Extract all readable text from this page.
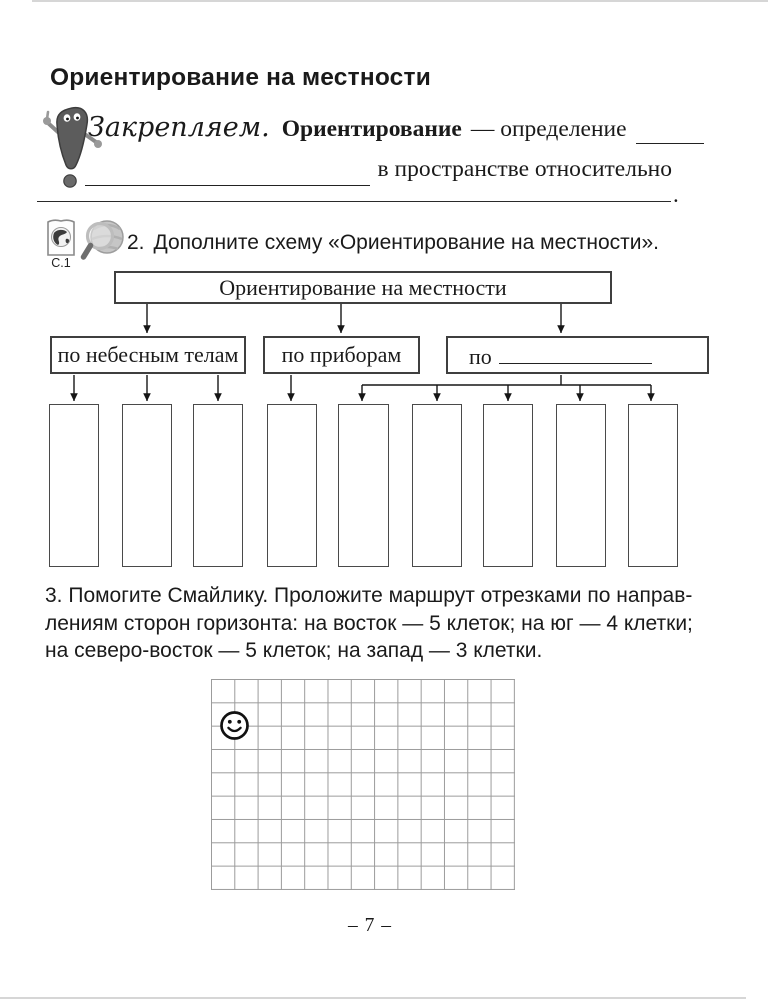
Ориентирование на местности
Закрепляем. Ориентирование — определение
в пространстве относительно
.
С.1
2. Дополните схему «Ориентирование на местности».
Ориентирование на местности
по небесным телам по приборам	по
3. Помогите Смайлику. Проложите маршрут отрезками по направ-
лениям сторон горизонта: на восток — 5 клеток; на юг — 4 клетки;
на северо-восток — 5 клеток; на запад — 3 клетки.
– 7 –
